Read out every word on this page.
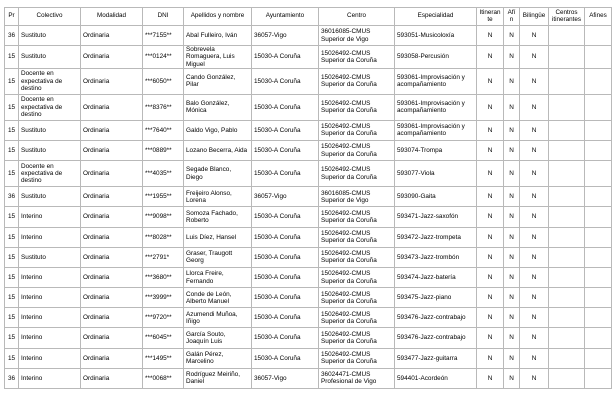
Pr	Colectivo	Modalidad	DNI	Apellidos y nombre	Ayuntamiento	Centro	Especialidad	Itinerante	Afín	Bilingüe	Centros itinerantes	Afines
36	Sustituto	Ordinaria	***7155**	Abal Fulleiro, Iván	36057-Vigo	36016085-CMUS Superior de Vigo	593051-Musicoloxía	N	N	N		
15	Sustituto	Ordinaria	***0124**	Sobrevela Romaguera, Luis Miguel	15030-A Coruña	15026492-CMUS Superior da Coruña	593058-Percusión	N	N	N		
15	Docente en expectativa de destino	Ordinaria	***6050**	Cando González, Pilar	15030-A Coruña	15026492-CMUS Superior da Coruña	593061-Improvisación y acompañamiento	N	N	N		
15	Docente en expectativa de destino	Ordinaria	***8376**	Balo González, Mónica	15030-A Coruña	15026492-CMUS Superior da Coruña	593061-Improvisación y acompañamiento	N	N	N		
15	Sustituto	Ordinaria	***7640**	Galdo Vigo, Pablo	15030-A Coruña	15026492-CMUS Superior da Coruña	593061-Improvisación y acompañamiento	N	N	N		
15	Sustituto	Ordinaria	***0889**	Lozano Becerra, Aida	15030-A Coruña	15026492-CMUS Superior da Coruña	593074-Trompa	N	N	N		
15	Docente en expectativa de destino	Ordinaria	***4035**	Segade Blanco, Diego	15030-A Coruña	15026492-CMUS Superior da Coruña	593077-Viola	N	N	N		
36	Sustituto	Ordinaria	***1955**	Freijeiro Alonso, Lorena	36057-Vigo	36016085-CMUS Superior de Vigo	593090-Gaita	N	N	N		
15	Interino	Ordinaria	***9098**	Somoza Fachado, Roberto	15030-A Coruña	15026492-CMUS Superior da Coruña	593471-Jazz-saxofón	N	N	N		
15	Interino	Ordinaria	***8028**	Luis Díez, Hansel	15030-A Coruña	15026492-CMUS Superior da Coruña	593472-Jazz-trompeta	N	N	N		
15	Sustituto	Ordinaria	***2791*	Graser, Traugott Georg	15030-A Coruña	15026492-CMUS Superior da Coruña	593473-Jazz-trombón	N	N	N		
15	Interino	Ordinaria	***3680**	Llorca Freire, Fernando	15030-A Coruña	15026492-CMUS Superior da Coruña	593474-Jazz-batería	N	N	N		
15	Interino	Ordinaria	***3999**	Conde de León, Alberto Manuel	15030-A Coruña	15026492-CMUS Superior da Coruña	593475-Jazz-piano	N	N	N		
15	Interino	Ordinaria	***9720**	Azumendi Muñoa, Iñigo	15030-A Coruña	15026492-CMUS Superior da Coruña	593476-Jazz-contrabajo	N	N	N		
15	Interino	Ordinaria	***6045**	García Souto, Joaquín Luis	15030-A Coruña	15026492-CMUS Superior da Coruña	593476-Jazz-contrabajo	N	N	N		
15	Interino	Ordinaria	***1495**	Galán Pérez, Marcelino	15030-A Coruña	15026492-CMUS Superior da Coruña	593477-Jazz-guitarra	N	N	N		
36	Interino	Ordinaria	***0068**	Rodríguez Meiriño, Daniel	36057-Vigo	36024471-CMUS Profesional de Vigo	594401-Acordeón	N	N	N		
